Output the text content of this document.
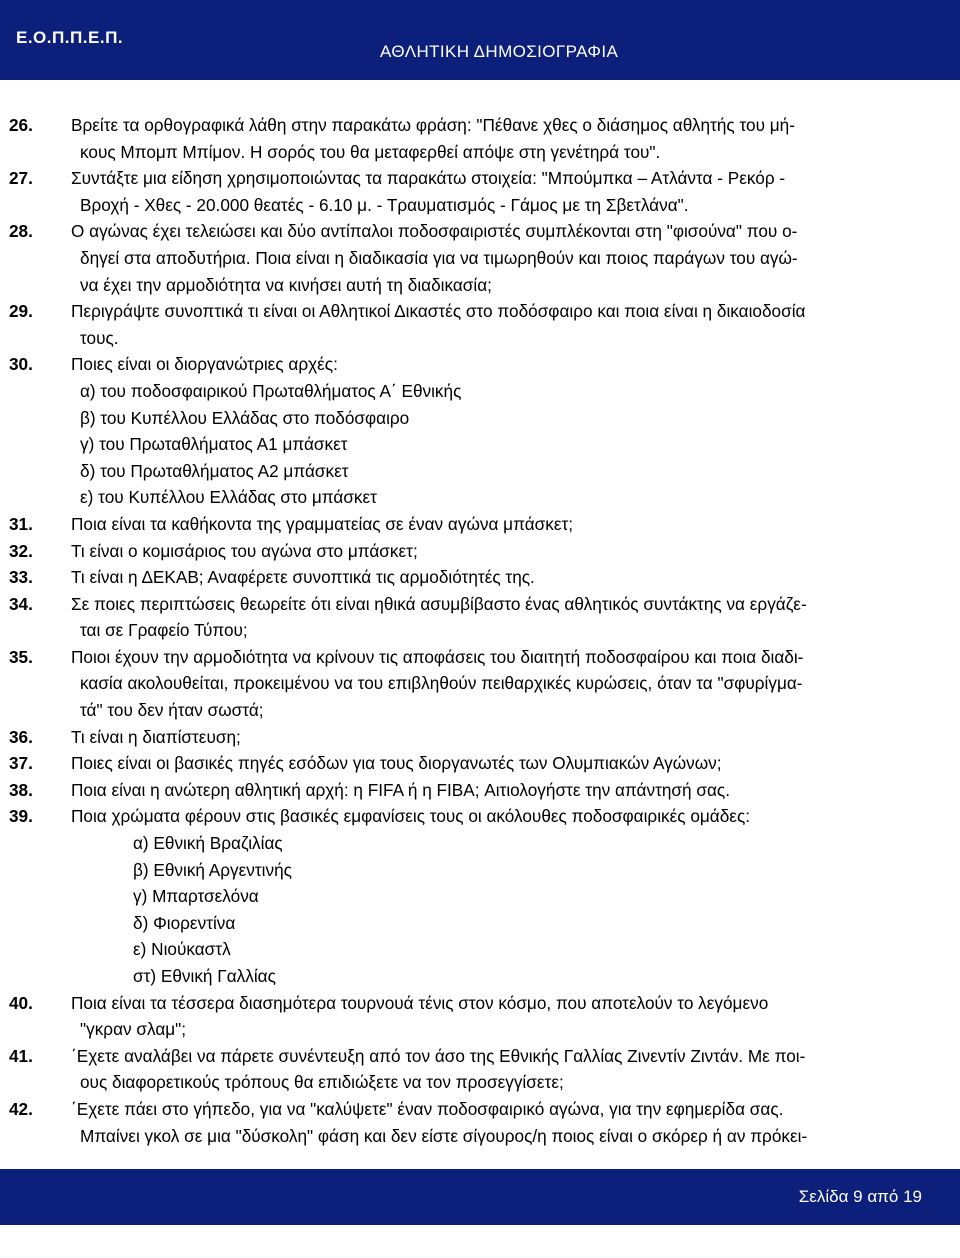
Ε.Ο.Π.Π.Ε.Π.
ΑΘΛΗΤΙΚΗ ΔΗΜΟΣΙΟΓΡΑΦΙΑ
26.	Βρείτε τα ορθογραφικά λάθη στην παρακάτω φράση: "Πέθανε χθες ο διάσημος αθλητής του μή-
κους Μπομπ Μπίμον. Η σορός του θα μεταφερθεί απόψε στη γενέτηρά του".
27.	Συντάξτε μια είδηση χρησιμοποιώντας τα παρακάτω στοιχεία: "Μπούμπκα – Ατλάντα - Ρεκόρ -
Βροχή - Χθες - 20.000 θεατές - 6.10 μ. - Τραυματισμός - Γάμος με τη Σβετλάνα".
28.	Ο αγώνας έχει τελειώσει και δύο αντίπαλοι ποδοσφαιριστές συμπλέκονται στη "φισούνα" που ο-
δηγεί στα αποδυτήρια. Ποια είναι η διαδικασία για να τιμωρηθούν και ποιος παράγων του αγώ-
να έχει την αρμοδιότητα να κινήσει αυτή τη διαδικασία;
29.	Περιγράψτε συνοπτικά τι είναι οι Αθλητικοί Δικαστές στο ποδόσφαιρο και ποια είναι η δικαιοδοσία
τους.
30.	Ποιες είναι οι διοργανώτριες αρχές:
α) του ποδοσφαιρικού Πρωταθλήματος Α΄ Εθνικής
β) του Κυπέλλου Ελλάδας στο ποδόσφαιρο
γ) του Πρωταθλήματος Α1 μπάσκετ
δ) του Πρωταθλήματος Α2 μπάσκετ
ε) του Κυπέλλου Ελλάδας στο μπάσκετ
31.	Ποια είναι τα καθήκοντα της γραμματείας σε έναν αγώνα μπάσκετ;
32.	Τι είναι ο κομισάριος του αγώνα στο μπάσκετ;
33.	Τι είναι η ΔΕΚΑΒ; Αναφέρετε συνοπτικά τις αρμοδιότητές της.
34.	Σε ποιες περιπτώσεις θεωρείτε ότι είναι ηθικά ασυμβίβαστο ένας αθλητικός συντάκτης να εργάζε-
ται σε Γραφείο Τύπου;
35.	Ποιοι έχουν την αρμοδιότητα να κρίνουν τις αποφάσεις του διαιτητή ποδοσφαίρου και ποια διαδι-
κασία ακολουθείται, προκειμένου να του επιβληθούν πειθαρχικές κυρώσεις, όταν τα "σφυρίγμα-
τά" του δεν ήταν σωστά;
36.	Τι είναι η διαπίστευση;
37.	Ποιες είναι οι βασικές πηγές εσόδων για τους διοργανωτές των Ολυμπιακών Αγώνων;
38.	Ποια είναι η ανώτερη αθλητική αρχή: η FIFA ή η FIBA; Αιτιολογήστε την απάντησή σας.
39.	Ποια χρώματα φέρουν στις βασικές εμφανίσεις τους οι ακόλουθες ποδοσφαιρικές ομάδες:
α) Εθνική Βραζιλίας
β) Εθνική Αργεντινής
γ) Μπαρτσελόνα
δ) Φιορεντίνα
ε) Νιούκαστλ
στ) Εθνική Γαλλίας
40.	Ποια είναι τα τέσσερα διασημότερα τουρνουά τένις στον κόσμο, που αποτελούν το λεγόμενο
"γκραν σλαμ";
41.	΄Εχετε αναλάβει να πάρετε συνέντευξη από τον άσο της Εθνικής Γαλλίας Ζινεντίν Ζιντάν. Με ποι-
ους διαφορετικούς τρόπους θα επιδιώξετε να τον προσεγγίσετε;
42.	΄Εχετε πάει στο γήπεδο, για να "καλύψετε" έναν ποδοσφαιρικό αγώνα, για την εφημερίδα σας.
Μπαίνει γκολ σε μια "δύσκολη" φάση και δεν είστε σίγουρος/η ποιος είναι ο σκόρερ ή αν πρόκει-
Σελίδα 9 από 19
